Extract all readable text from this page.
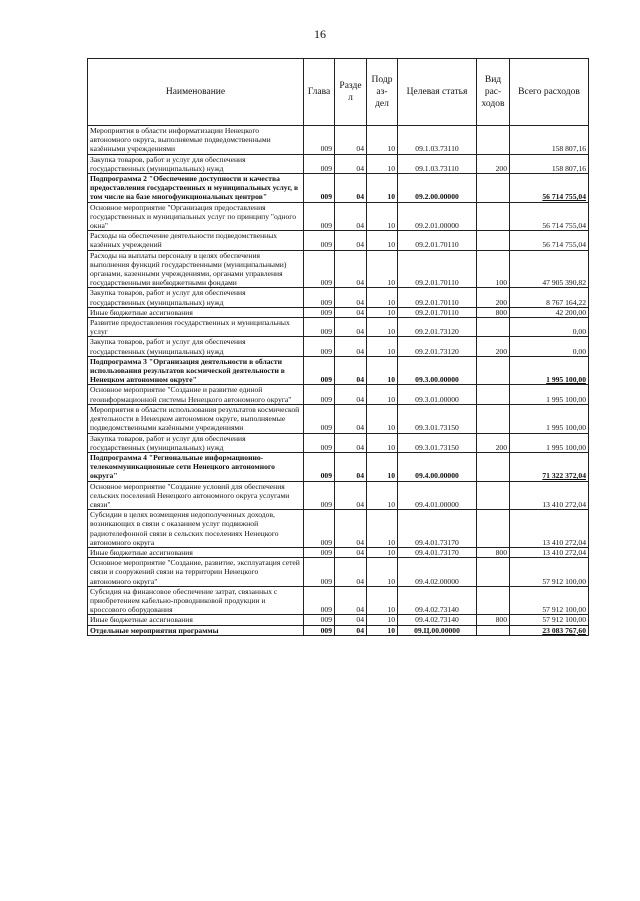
16
Наименование	Глава	Разде л	Подр аз- дел	Целевая статья	Вид рас- ходов	Всего расходов
Мероприятия в области информатизации Ненецкого автономного округа, выполняемые подведомственными казёнными учреждениями	009	04	10	09.1.03.73110		158 807,16
Закупка товаров, работ и услуг для обеспечения государственных (муниципальных) нужд	009	04	10	09.1.03.73110	200	158 807,16
Подпрограмма 2 "Обеспечение доступности и качества предоставления государственных и муниципальных услуг, в том числе на базе многофункциональных центров"	009	04	10	09.2.00.00000		56 714 755,04
Основное мероприятие "Организация предоставления государственных и муниципальных услуг по принципу "одного окна"	009	04	10	09.2.01.00000		56 714 755,04
Расходы на обеспечение деятельности подведомственных казённых учреждений	009	04	10	09.2.01.70110		56 714 755,04
Расходы на выплаты персоналу в целях обеспечения выполнения функций государственными (муниципальными) органами, казенными учреждениями, органами управления государственными внебюджетными фондами	009	04	10	09.2.01.70110	100	47 905 390,82
Закупка товаров, работ и услуг для обеспечения государственных (муниципальных) нужд	009	04	10	09.2.01.70110	200	8 767 164,22
Иные бюджетные ассигнования	009	04	10	09.2.01.70110	800	42 200,00
Развитие предоставления государственных и муниципальных услуг	009	04	10	09.2.01.73120		0,00
Закупка товаров, работ и услуг для обеспечения государственных (муниципальных) нужд	009	04	10	09.2.01.73120	200	0,00
Подпрограмма 3 "Организация деятельности в области использования результатов космической деятельности в Ненецком автономном округе"	009	04	10	09.3.00.00000		1 995 100,00
Основное мероприятие "Создание и развитие единой геоинформационной системы Ненецкого автономного округа"	009	04	10	09.3.01.00000		1 995 100,00
Мероприятия в области использования результатов космической деятельности в Ненецком автономном округе, выполняемые подведомственными казёнными учреждениями	009	04	10	09.3.01.73150		1 995 100,00
Закупка товаров, работ и услуг для обеспечения государственных (муниципальных) нужд	009	04	10	09.3.01.73150	200	1 995 100,00
Подпрограмма 4 "Региональные информационно-телекоммуникационные сети Ненецкого автономного округа"	009	04	10	09.4.00.00000		71 322 372,04
Основное мероприятие "Создание условий для обеспечения сельских поселений Ненецкого автономного округа услугами связи"	009	04	10	09.4.01.00000		13 410 272,04
Субсидии в целях возмещения недополученных доходов, возникающих в связи с оказанием услуг подвижной радиотелефонной связи в сельских поселениях Ненецкого автономного округа	009	04	10	09.4.01.73170		13 410 272,04
Иные бюджетные ассигнования	009	04	10	09.4.01.73170	800	13 410 272,04
Основное мероприятие "Создание, развитие, эксплуатация сетей связи и сооружений связи на территории Ненецкого автономного округа"	009	04	10	09.4.02.00000		57 912 100,00
Субсидия на финансовое обеспечение затрат, связанных с приобретением кабельно-проводниковой продукции и кроссового оборудования	009	04	10	09.4.02.73140		57 912 100,00
Иные бюджетные ассигнования	009	04	10	09.4.02.73140	800	57 912 100,00
Отдельные мероприятия программы	009	04	10	09.Ц.00.00000		23 083 767,60
